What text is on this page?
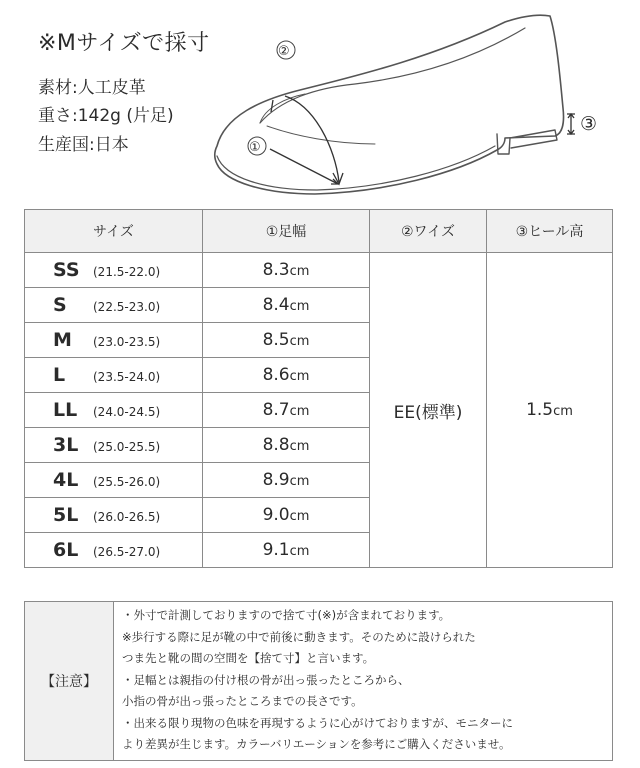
※Mサイズで採寸
素材:人工皮革
重さ:142g (片足)
生産国:日本
②
①
③
サイズ	①足幅	②ワイズ	③ヒール高
SS (21.5-22.0)	8.3cm	EE(標準)	1.5cm
S (22.5-23.0)	8.4cm		
M (23.0-23.5)	8.5cm		
L (23.5-24.0)	8.6cm		
LL (24.0-24.5)	8.7cm		
3L (25.0-25.5)	8.8cm		
4L (25.5-26.0)	8.9cm		
5L (26.0-26.5)	9.0cm		
6L (26.5-27.0)	9.1cm		
【注意】	
・外寸で計測しておりますので捨て寸(※)が含まれております。
※歩行する際に足が靴の中で前後に動きます。そのために設けられた
つま先と靴の間の空間を【捨て寸】と言います。
・足幅とは親指の付け根の骨が出っ張ったところから、
小指の骨が出っ張ったところまでの長さです。
・出来る限り現物の色味を再現するように心がけておりますが、モニターに
より差異が生じます。カラーバリエーションを参考にご購入くださいませ。
